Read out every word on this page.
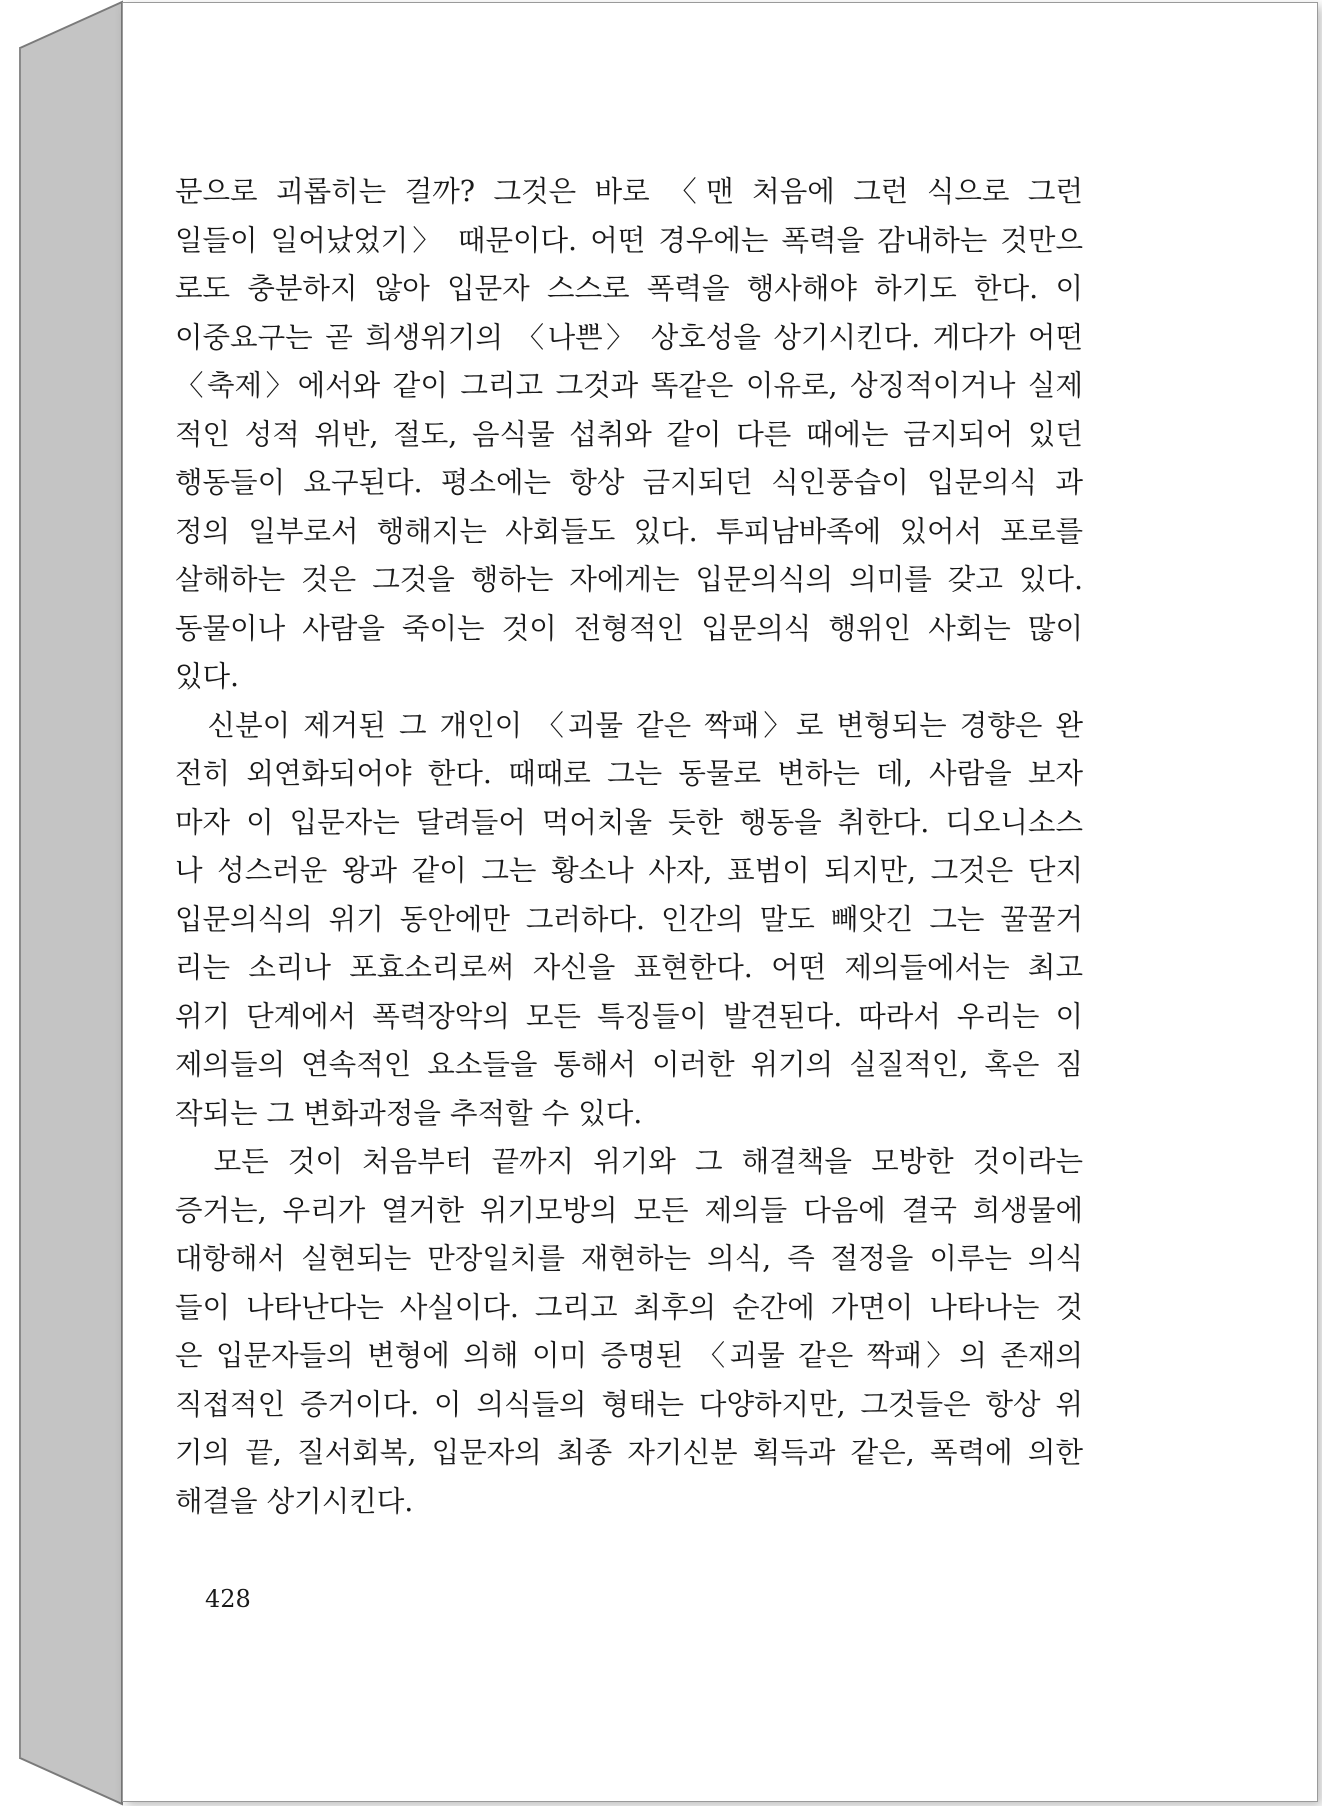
문으로 괴롭히는 걸까? 그것은 바로 〈맨 처음에 그런 식으로 그런
일들이 일어났었기〉 때문이다. 어떤 경우에는 폭력을 감내하는 것만으
로도 충분하지 않아 입문자 스스로 폭력을 행사해야 하기도 한다. 이
이중요구는 곧 희생위기의 〈나쁜〉 상호성을 상기시킨다. 게다가 어떤
〈축제〉에서와 같이 그리고 그것과 똑같은 이유로, 상징적이거나 실제
적인 성적 위반, 절도, 음식물 섭취와 같이 다른 때에는 금지되어 있던
행동들이 요구된다. 평소에는 항상 금지되던 식인풍습이 입문의식 과
정의 일부로서 행해지는 사회들도 있다. 투피남바족에 있어서 포로를
살해하는 것은 그것을 행하는 자에게는 입문의식의 의미를 갖고 있다.
동물이나 사람을 죽이는 것이 전형적인 입문의식 행위인 사회는 많이
있다.
　신분이 제거된 그 개인이 〈괴물 같은 짝패〉로 변형되는 경향은 완
전히 외연화되어야 한다. 때때로 그는 동물로 변하는 데, 사람을 보자
마자 이 입문자는 달려들어 먹어치울 듯한 행동을 취한다. 디오니소스
나 성스러운 왕과 같이 그는 황소나 사자, 표범이 되지만, 그것은 단지
입문의식의 위기 동안에만 그러하다. 인간의 말도 빼앗긴 그는 꿀꿀거
리는 소리나 포효소리로써 자신을 표현한다. 어떤 제의들에서는 최고
위기 단계에서 폭력장악의 모든 특징들이 발견된다. 따라서 우리는 이
제의들의 연속적인 요소들을 통해서 이러한 위기의 실질적인, 혹은 짐
작되는 그 변화과정을 추적할 수 있다.
　모든 것이 처음부터 끝까지 위기와 그 해결책을 모방한 것이라는
증거는, 우리가 열거한 위기모방의 모든 제의들 다음에 결국 희생물에
대항해서 실현되는 만장일치를 재현하는 의식, 즉 절정을 이루는 의식
들이 나타난다는 사실이다. 그리고 최후의 순간에 가면이 나타나는 것
은 입문자들의 변형에 의해 이미 증명된 〈괴물 같은 짝패〉의 존재의
직접적인 증거이다. 이 의식들의 형태는 다양하지만, 그것들은 항상 위
기의 끝, 질서회복, 입문자의 최종 자기신분 획득과 같은, 폭력에 의한
해결을 상기시킨다.
428
